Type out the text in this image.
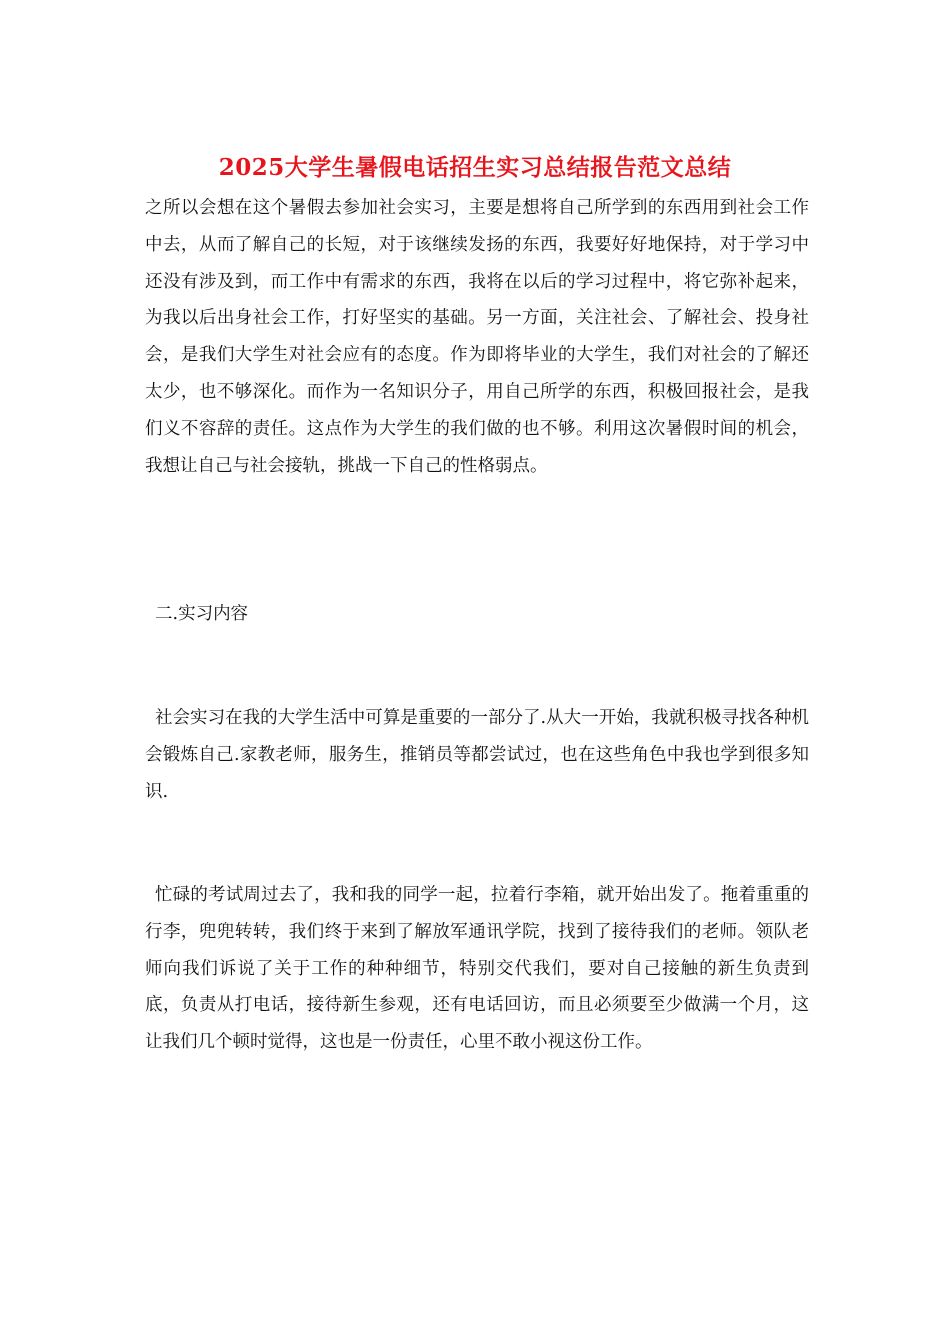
2025大学生暑假电话招生实习总结报告范文总结

之所以会想在这个暑假去参加社会实习，主要是想将自己所学到的东西用到社会工作中去，从而了解自己的长短，对于该继续发扬的东西，我要好好地保持，对于学习中还没有涉及到，而工作中有需求的东西，我将在以后的学习过程中，将它弥补起来，为我以后出身社会工作，打好坚实的基础。另一方面，关注社会、了解社会、投身社会，是我们大学生对社会应有的态度。作为即将毕业的大学生，我们对社会的了解还太少，也不够深化。而作为一名知识分子，用自己所学的东西，积极回报社会，是我们义不容辞的责任。这点作为大学生的我们做的也不够。利用这次暑假时间的机会，我想让自己与社会接轨，挑战一下自己的性格弱点。

二.实习内容

社会实习在我的大学生活中可算是重要的一部分了.从大一开始，我就积极寻找各种机会锻炼自己.家教老师，服务生，推销员等都尝试过，也在这些角色中我也学到很多知识.

忙碌的考试周过去了，我和我的同学一起，拉着行李箱，就开始出发了。拖着重重的行李，兜兜转转，我们终于来到了解放军通讯学院，找到了接待我们的老师。领队老师向我们诉说了关于工作的种种细节，特别交代我们，要对自己接触的新生负责到底，负责从打电话，接待新生参观，还有电话回访，而且必须要至少做满一个月，这让我们几个顿时觉得，这也是一份责任，心里不敢小视这份工作。
